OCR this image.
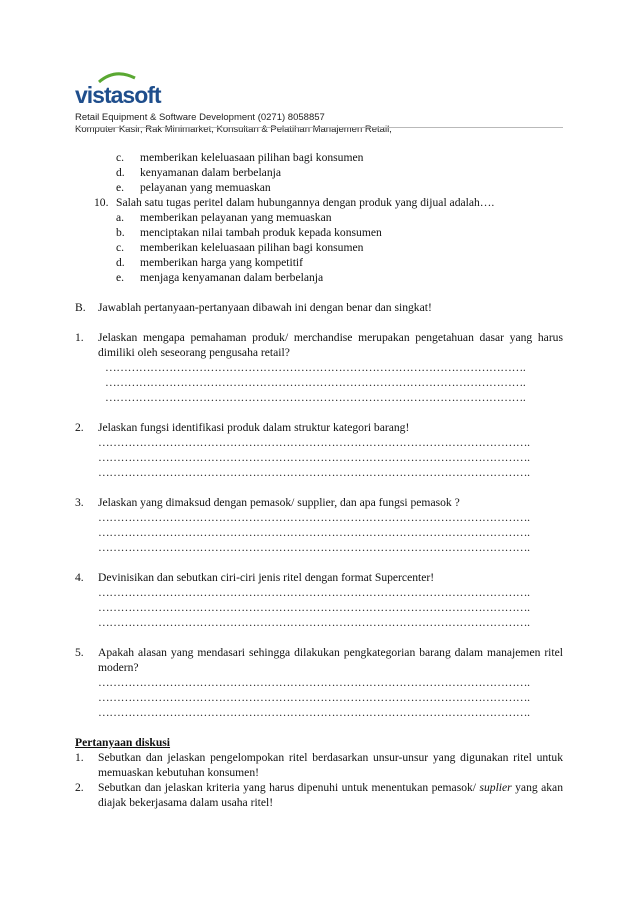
vistasoft
Retail Equipment & Software Development (0271) 8058857
Komputer Kasir, Rak Minimarket, Konsultan & Pelatihan Manajemen Retail,
c.	memberikan keleluasaan pilihan bagi konsumen
d.	kenyamanan dalam berbelanja
e.	pelayanan yang memuaskan
10. Salah satu tugas peritel dalam hubungannya dengan produk yang dijual adalah….
a.	memberikan pelayanan yang memuaskan
b.	menciptakan nilai tambah produk kepada konsumen
c.	memberikan keleluasaan pilihan bagi konsumen
d.	memberikan harga yang kompetitif
e.	menjaga kenyamanan dalam berbelanja
B.	Jawablah pertanyaan-pertanyaan dibawah ini dengan benar dan singkat!
1.	Jelaskan mengapa pemahaman produk/ merchandise merupakan pengetahuan dasar yang harus dimiliki oleh seseorang pengusaha retail?
………………………………………………………………………………………………….
………………………………………………………………………………………………….
………………………………………………………………………………………………….
2.	Jelaskan fungsi identifikasi produk dalam struktur kategori barang!
…………………………………………………………………………………………………….
…………………………………………………………………………………………………….
…………………………………………………………………………………………………….
3.	Jelaskan yang dimaksud dengan pemasok/ supplier, dan apa fungsi pemasok ?
…………………………………………………………………………………………………….
…………………………………………………………………………………………………….
…………………………………………………………………………………………………….
4.	Devinisikan dan sebutkan ciri-ciri jenis ritel dengan format Supercenter!
…………………………………………………………………………………………………….
…………………………………………………………………………………………………….
…………………………………………………………………………………………………….
5.	Apakah alasan yang mendasari sehingga dilakukan pengkategorian barang dalam manajemen ritel modern?
…………………………………………………………………………………………………….
…………………………………………………………………………………………………….
…………………………………………………………………………………………………….
Pertanyaan diskusi
1.	Sebutkan dan jelaskan pengelompokan ritel berdasarkan unsur-unsur yang digunakan ritel untuk memuaskan kebutuhan konsumen!
2.	Sebutkan dan jelaskan kriteria yang harus dipenuhi untuk menentukan pemasok/ suplier yang akan diajak bekerjasama dalam usaha ritel!
